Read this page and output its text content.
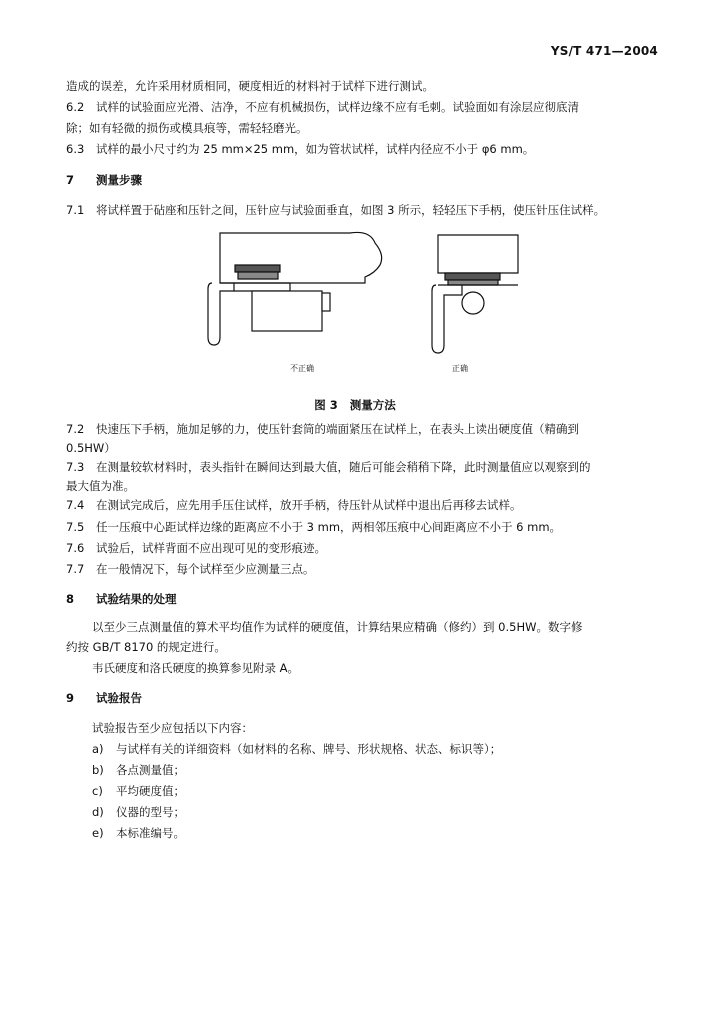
YS/T 471—2004
造成的误差，允许采用材质相同，硬度相近的材料衬于试样下进行测试。
6.2 试样的试验面应光滑、洁净，不应有机械损伤，试样边缘不应有毛刺。试验面如有涂层应彻底清
除；如有轻微的损伤或模具痕等，需轻轻磨光。
6.3 试样的最小尺寸约为 25 mm×25 mm，如为管状试样，试样内径应不小于 φ6 mm。
7 测量步骤
7.1 将试样置于砧座和压针之间，压针应与试验面垂直，如图 3 所示，轻轻压下手柄，使压针压住试样。
不正确	正确
图 3 测量方法
7.2 快速压下手柄，施加足够的力，使压针套筒的端面紧压在试样上，在表头上读出硬度值（精确到
0.5HW）
7.3 在测量较软材料时，表头指针在瞬间达到最大值，随后可能会稍稍下降，此时测量值应以观察到的
最大值为准。
7.4 在测试完成后，应先用手压住试样，放开手柄，待压针从试样中退出后再移去试样。
7.5 任一压痕中心距试样边缘的距离应不小于 3 mm，两相邻压痕中心间距离应不小于 6 mm。
7.6 试验后，试样背面不应出现可见的变形痕迹。
7.7 在一般情况下，每个试样至少应测量三点。
8 试验结果的处理
以至少三点测量值的算术平均值作为试样的硬度值，计算结果应精确（修约）到 0.5HW。数字修
约按 GB/T 8170 的规定进行。
韦氏硬度和洛氏硬度的换算参见附录 A。
9 试验报告
试验报告至少应包括以下内容：
a) 与试样有关的详细资料（如材料的名称、牌号、形状规格、状态、标识等）；
b) 各点测量值；
c) 平均硬度值；
d) 仪器的型号；
e) 本标准编号。
